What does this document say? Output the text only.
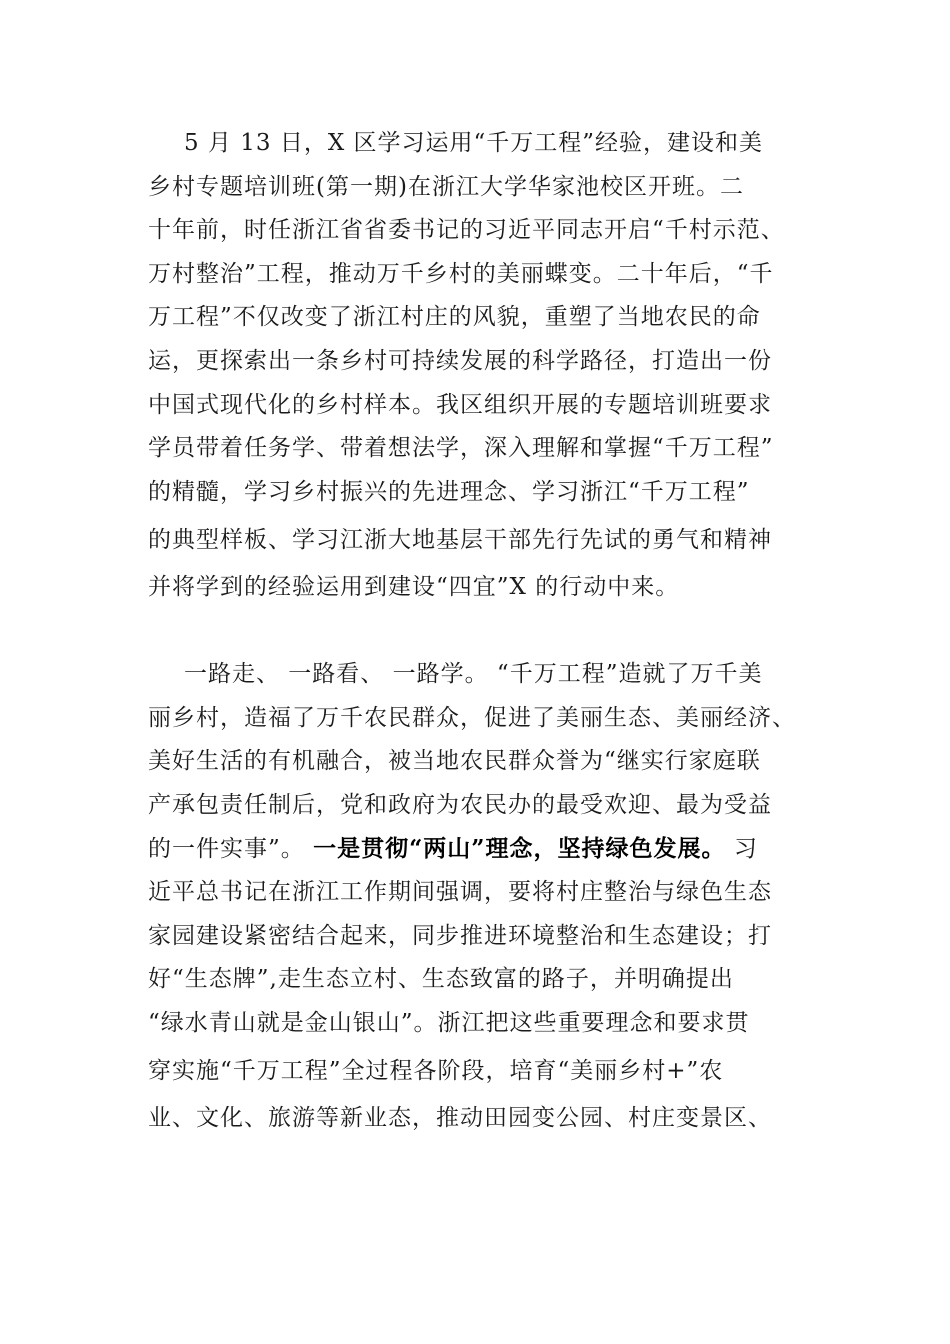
5 月 13 日，X 区学习运用“千万工程”经验，建设和美
乡村专题培训班(第一期)在浙江大学华家池校区开班。二
十年前，时任浙江省省委书记的习近平同志开启“千村示范、
万村整治”工程，推动万千乡村的美丽蝶变。二十年后，“千
万工程”不仅改变了浙江村庄的风貌，重塑了当地农民的命
运，更探索出一条乡村可持续发展的科学路径，打造出一份
中国式现代化的乡村样本。我区组织开展的专题培训班要求
学员带着任务学、带着想法学，深入理解和掌握“千万工程”
的精髓，学习乡村振兴的先进理念、学习浙江“千万工程”
的典型样板、学习江浙大地基层干部先行先试的勇气和精神
并将学到的经验运用到建设“四宜”X 的行动中来。
一路走、 一路看、 一路学。 “千万工程”造就了万千美
丽乡村，造福了万千农民群众，促进了美丽生态、美丽经济、
美好生活的有机融合，被当地农民群众誉为“继实行家庭联
产承包责任制后，党和政府为农民办的最受欢迎、最为受益
的一件实事”。 一是贯彻“两山”理念，坚持绿色发展。 习
近平总书记在浙江工作期间强调，要将村庄整治与绿色生态
家园建设紧密结合起来，同步推进环境整治和生态建设；打
好“生态牌”,走生态立村、生态致富的路子，并明确提出
“绿水青山就是金山银山”。浙江把这些重要理念和要求贯
穿实施“千万工程”全过程各阶段，培育“美丽乡村+”农
业、文化、旅游等新业态，推动田园变公园、村庄变景区、
